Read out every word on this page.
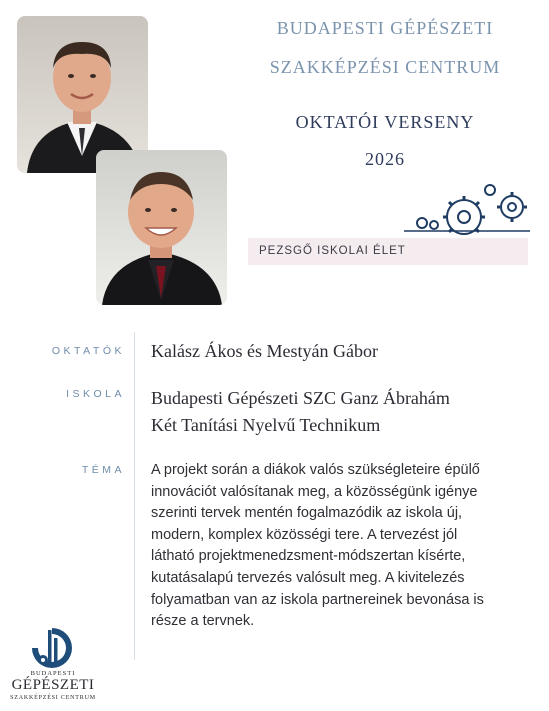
BUDAPESTI GÉPÉSZETI
SZAKKÉPZÉSI CENTRUM
OKTATÓI VERSENY
2026
PEZSGŐ ISKOLAI ÉLET
OKTATÓK Kalász Ákos és Mestyán Gábor
ISKOLA Budapesti Gépészeti SZC Ganz Ábrahám
Két Tanítási Nyelvű Technikum
TÉMA A projekt során a diákok valós szükségleteire épülő innovációt valósítanak meg, a közösségünk igénye szerinti tervek mentén fogalmazódik az iskola új, modern, komplex közösségi tere. A tervezést jól látható projektmenedzsment-módszertan kísérte, kutatásalapú tervezés valósult meg. A kivitelezés folyamatban van az iskola partnereinek bevonása is része a tervnek.
BUDAPESTI
GÉPÉSZETI
SZAKKÉPZÉSI CENTRUM
